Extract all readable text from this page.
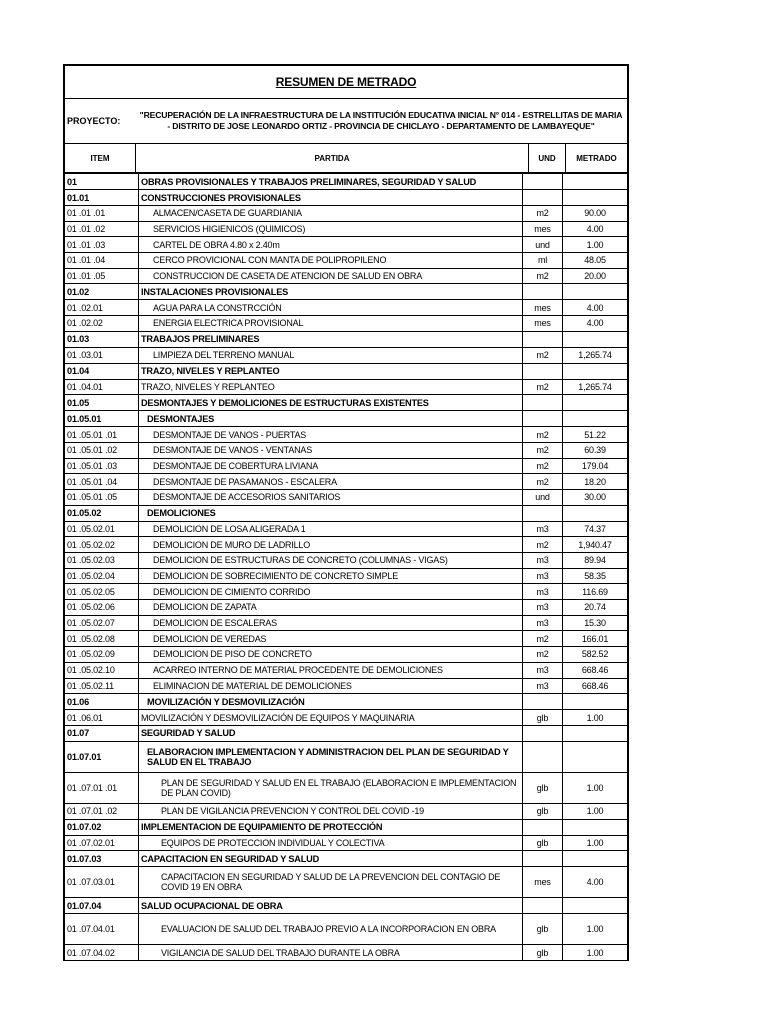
RESUMEN DE METRADO
PROYECTO:
"RECUPERACIÓN DE LA INFRAESTRUCTURA DE LA INSTITUCIÓN EDUCATIVA INICIAL N° 014 - ESTRELLITAS DE MARIA - DISTRITO DE JOSE LEONARDO ORTIZ - PROVINCIA DE CHICLAYO - DEPARTAMENTO DE LAMBAYEQUE"
ITEM	PARTIDA	UND	METRADO
01	OBRAS PROVISIONALES Y TRABAJOS PRELIMINARES, SEGURIDAD Y SALUD		
01.01	CONSTRUCCIONES PROVISIONALES		
01 .01 .01	ALMACEN/CASETA DE GUARDIANIA	m2	90.00
01 .01 .02	SERVICIOS HIGIENICOS (QUIMICOS)	mes	4.00
01 .01 .03	CARTEL DE OBRA 4.80 x 2.40m	und	1.00
01 .01 .04	CERCO PROVICIONAL CON MANTA DE POLIPROPILENO	ml	48.05
01 .01 .05	CONSTRUCCION DE CASETA DE ATENCION DE SALUD EN OBRA	m2	20.00
01.02	INSTALACIONES PROVISIONALES		
01 .02.01	AGUA PARA LA CONSTRCCIÓN	mes	4.00
01 .02.02	ENERGIA ELECTRICA PROVISIONAL	mes	4.00
01.03	TRABAJOS PRELIMINARES		
01 .03.01	LIMPIEZA DEL TERRENO MANUAL	m2	1,265.74
01.04	TRAZO, NIVELES Y REPLANTEO		
01 .04.01	TRAZO, NIVELES Y REPLANTEO	m2	1,265.74
01.05	DESMONTAJES Y DEMOLICIONES DE ESTRUCTURAS EXISTENTES		
01.05.01	DESMONTAJES		
01 .05.01 .01	DESMONTAJE DE VANOS - PUERTAS	m2	51.22
01 .05.01 .02	DESMONTAJE DE VANOS - VENTANAS	m2	60.39
01 .05.01 .03	DESMONTAJE DE COBERTURA LIVIANA	m2	179.04
01 .05.01 .04	DESMONTAJE DE PASAMANOS - ESCALERA	m2	18.20
01 .05.01 .05	DESMONTAJE DE ACCESORIOS SANITARIOS	und	30.00
01.05.02	DEMOLICIONES		
01 .05.02.01	DEMOLICION DE LOSA ALIGERADA 1	m3	74.37
01 .05.02.02	DEMOLICION DE MURO DE LADRILLO	m2	1,940.47
01 .05.02.03	DEMOLICION DE ESTRUCTURAS DE CONCRETO (COLUMNAS - VIGAS)	m3	89.94
01 .05.02.04	DEMOLICION DE SOBRECIMIENTO DE CONCRETO SIMPLE	m3	58.35
01 .05.02.05	DEMOLICION DE CIMIENTO CORRIDO	m3	116.69
01 .05.02.06	DEMOLICION DE ZAPATA	m3	20.74
01 .05.02.07	DEMOLICION DE ESCALERAS	m3	15.30
01 .05.02.08	DEMOLICION DE VEREDAS	m2	166.01
01 .05.02.09	DEMOLICION DE PISO DE CONCRETO	m2	582.52
01 .05.02.10	ACARREO INTERNO DE MATERIAL PROCEDENTE DE DEMOLICIONES	m3	668.46
01 .05.02.11	ELIMINACION DE MATERIAL DE DEMOLICIONES	m3	668.46
01.06	MOVILIZACIÓN Y DESMOVILIZACIÓN		
01 .06.01	MOVILIZACIÓN Y DESMOVILIZACIÓN DE EQUIPOS Y MAQUINARIA	glb	1.00
01.07	SEGURIDAD Y SALUD		
01.07.01	ELABORACION IMPLEMENTACION Y ADMINISTRACION DEL PLAN DE SEGURIDAD Y SALUD EN EL TRABAJO		
01 .07.01 .01	PLAN DE SEGURIDAD Y SALUD EN EL TRABAJO (ELABORACION E IMPLEMENTACION DE PLAN COVID)	glb	1.00
01 .07.01 .02	PLAN DE VIGILANCIA PREVENCION Y CONTROL DEL COVID -19	glb	1.00
01.07.02	IMPLEMENTACION DE EQUIPAMIENTO DE PROTECCIÓN		
01 .07.02.01	EQUIPOS DE PROTECCION INDIVIDUAL Y COLECTIVA	glb	1.00
01.07.03	CAPACITACION EN SEGURIDAD Y SALUD		
01 .07.03.01	CAPACITACION EN SEGURIDAD Y SALUD DE LA PREVENCION DEL CONTAGIO DE COVID 19 EN OBRA	mes	4.00
01.07.04	SALUD OCUPACIONAL DE OBRA		
01 .07.04.01	EVALUACION DE SALUD DEL TRABAJO PREVIO A LA INCORPORACION EN OBRA	glb	1.00
01 .07.04.02	VIGILANCIA DE SALUD DEL TRABAJO DURANTE LA OBRA	glb	1.00
